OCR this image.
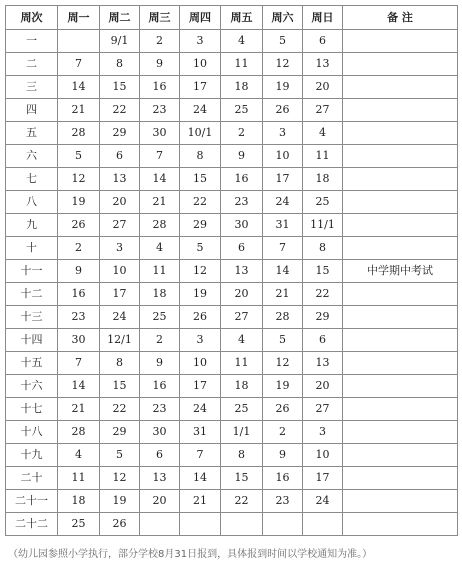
周次	周一	周二	周三	周四	周五	周六	周日	备 注
一		9/1	2	3	4	5	6	
二	7	8	9	10	11	12	13	
三	14	15	16	17	18	19	20	
四	21	22	23	24	25	26	27	
五	28	29	30	10/1	2	3	4	
六	5	6	7	8	9	10	11	
七	12	13	14	15	16	17	18	
八	19	20	21	22	23	24	25	
九	26	27	28	29	30	31	11/1	
十	2	3	4	5	6	7	8	
十一	9	10	11	12	13	14	15	中学期中考试
十二	16	17	18	19	20	21	22	
十三	23	24	25	26	27	28	29	
十四	30	12/1	2	3	4	5	6	
十五	7	8	9	10	11	12	13	
十六	14	15	16	17	18	19	20	
十七	21	22	23	24	25	26	27	
十八	28	29	30	31	1/1	2	3	
十九	4	5	6	7	8	9	10	
二十	11	12	13	14	15	16	17	
二十一	18	19	20	21	22	23	24	
二十二	25	26						
（幼儿园参照小学执行，部分学校8月31日报到，具体报到时间以学校通知为准。）
